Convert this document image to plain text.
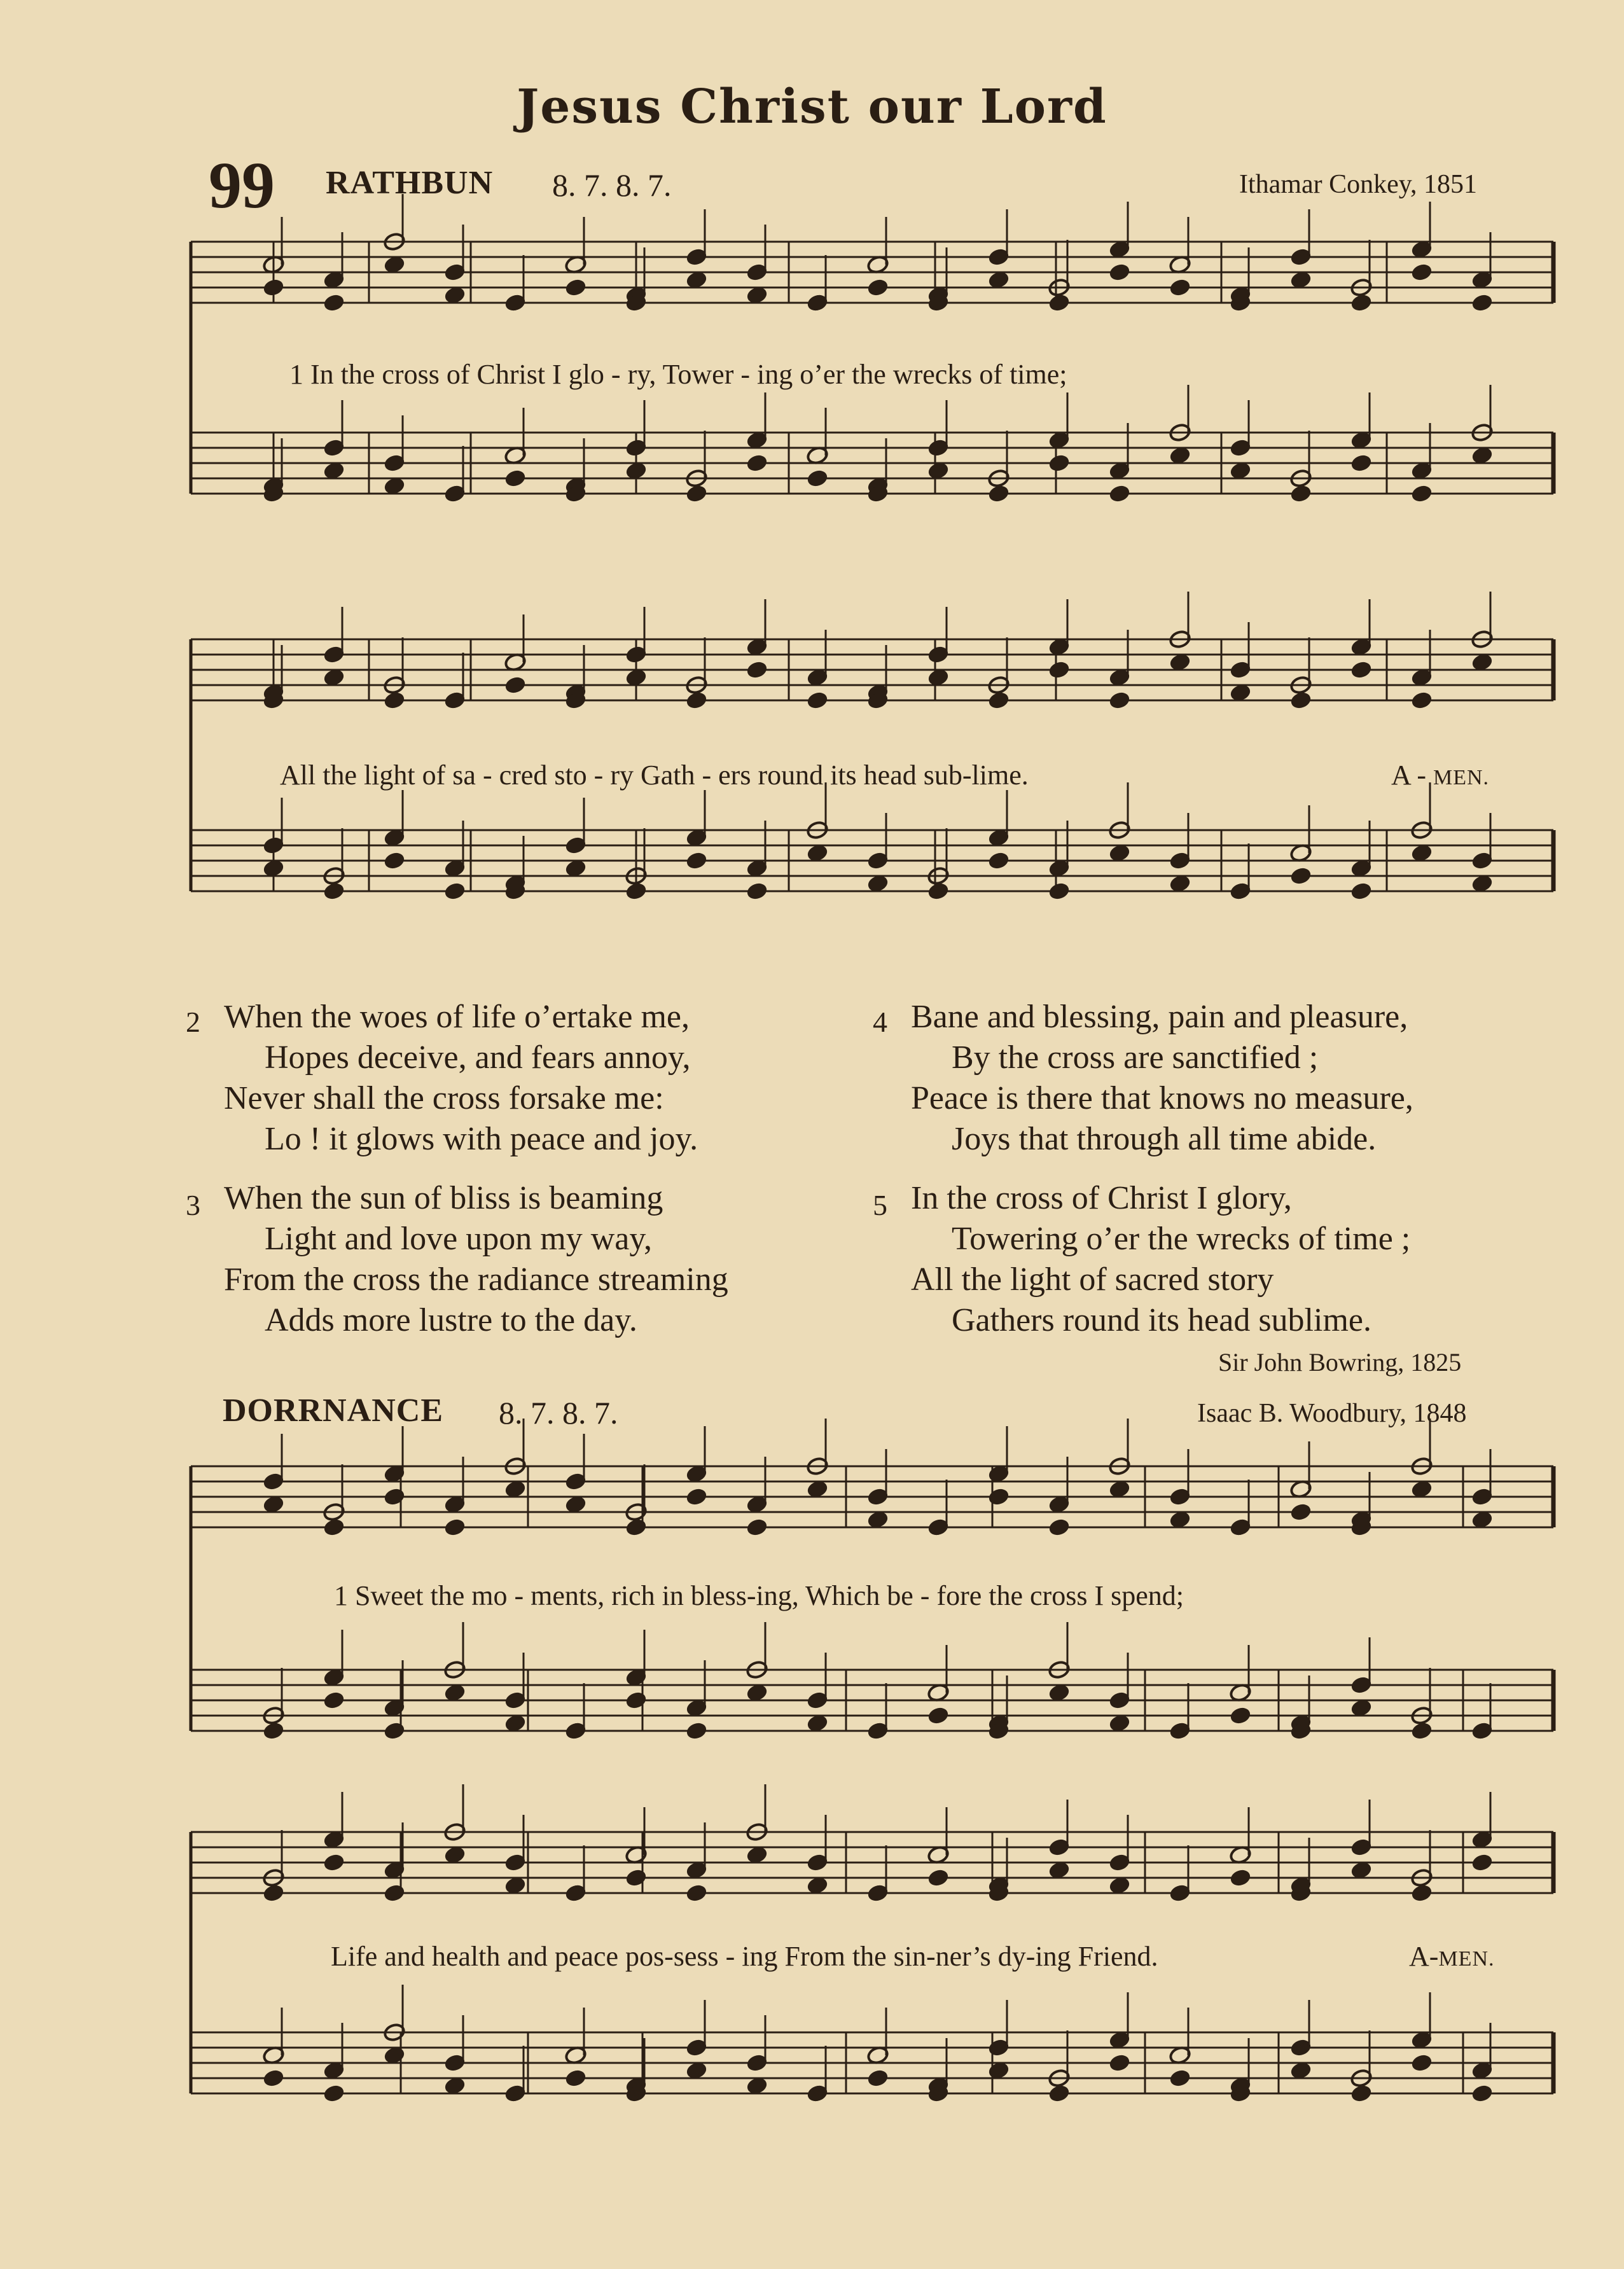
Jesus Christ our Lord
99 RATHBUN 8. 7. 8. 7.	Ithamar Conkey, 1851
1 In the cross of Christ I glo - ry, Tower - ing o’er the wrecks of time;
All the light of sa - cred sto - ry Gath - ers round its head sub-lime.	A - MEN.
2 When the woes of life o’ertake me,
Hopes deceive, and fears annoy,
Never shall the cross forsake me:
Lo ! it glows with peace and joy.
3 When the sun of bliss is beaming
Light and love upon my way,
From the cross the radiance streaming
Adds more lustre to the day.
4 Bane and blessing, pain and pleasure,
By the cross are sanctified ;
Peace is there that knows no measure,
Joys that through all time abide.
5 In the cross of Christ I glory,
Towering o’er the wrecks of time ;
All the light of sacred story
Gathers round its head sublime.
Sir John Bowring, 1825
DORRNANCE 8. 7. 8. 7.	Isaac B. Woodbury, 1848
1 Sweet the mo - ments, rich in bless-ing, Which be - fore the cross I spend;
Life and health and peace pos-sess - ing From the sin-ner’s dy-ing Friend.	A-MEN.
